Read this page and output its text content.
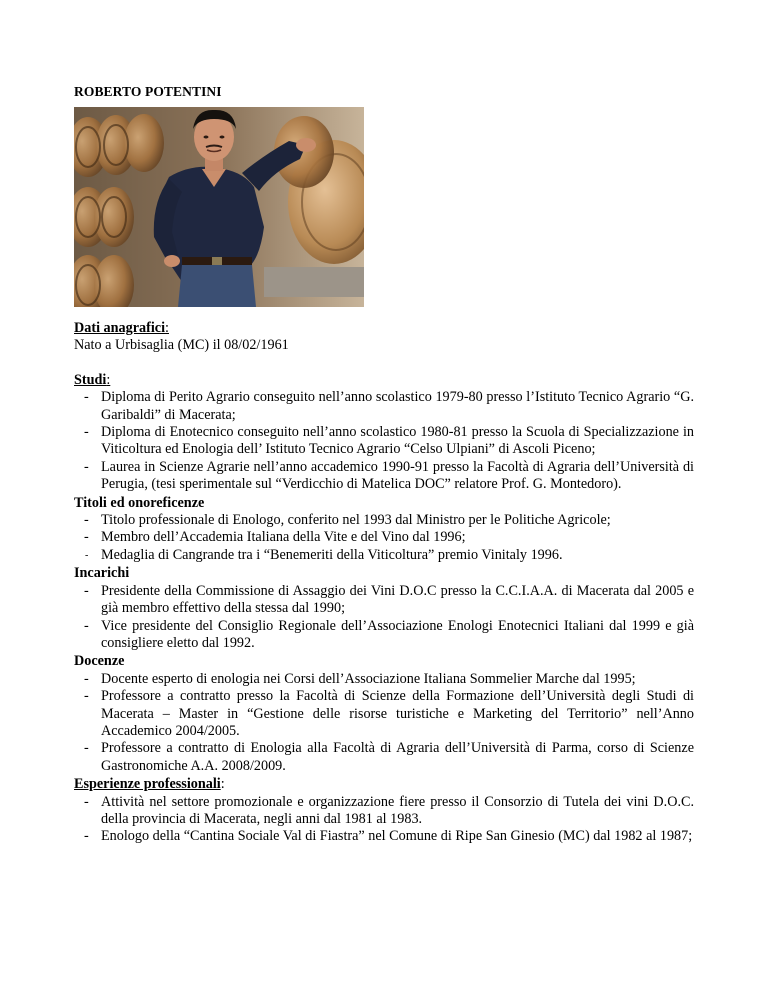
ROBERTO POTENTINI

Dati anagrafici:

Nato a Urbisaglia (MC) il 08/02/1961

Studi:

- Diploma di Perito Agrario conseguito nell’anno scolastico 1979-80 presso l’Istituto Tecnico Agrario “G. Garibaldi” di Macerata;
- Diploma di Enotecnico conseguito nell’anno scolastico 1980-81 presso la Scuola di Specializzazione in Viticoltura ed Enologia dell’ Istituto Tecnico Agrario “Celso Ulpiani” di Ascoli Piceno;
- Laurea in Scienze Agrarie nell’anno accademico 1990-91 presso la Facoltà di Agraria dell’Università di Perugia, (tesi sperimentale sul “Verdicchio di Matelica DOC” relatore Prof. G. Montedoro).

Titoli ed onoreficenze

- Titolo professionale di Enologo, conferito nel 1993 dal Ministro per le Politiche Agricole;
- Membro dell’Accademia Italiana della Vite e del Vino dal 1996;
- Medaglia di Cangrande tra i “Benemeriti della Viticoltura” premio Vinitaly 1996.

Incarichi

- Presidente della Commissione di Assaggio dei Vini D.O.C presso la C.C.I.A.A. di Macerata dal 2005 e già membro effettivo della stessa dal 1990;
- Vice presidente del Consiglio Regionale dell’Associazione Enologi Enotecnici Italiani dal 1999 e già consigliere eletto dal 1992.

Docenze

- Docente esperto di enologia nei Corsi dell’Associazione Italiana Sommelier Marche dal 1995;
- Professore a contratto presso la Facoltà di Scienze della Formazione dell’Università degli Studi di Macerata – Master in “Gestione delle risorse turistiche e Marketing del Territorio” nell’Anno Accademico 2004/2005.
- Professore a contratto di Enologia alla Facoltà di Agraria dell’Università di Parma, corso di Scienze Gastronomiche A.A. 2008/2009.

Esperienze professionali:

- Attività nel settore promozionale e organizzazione fiere presso il Consorzio di Tutela dei vini D.O.C. della provincia di Macerata, negli anni dal 1981 al 1983.
- Enologo della “Cantina Sociale Val di Fiastra” nel Comune di Ripe San Ginesio (MC) dal 1982 al 1987;
